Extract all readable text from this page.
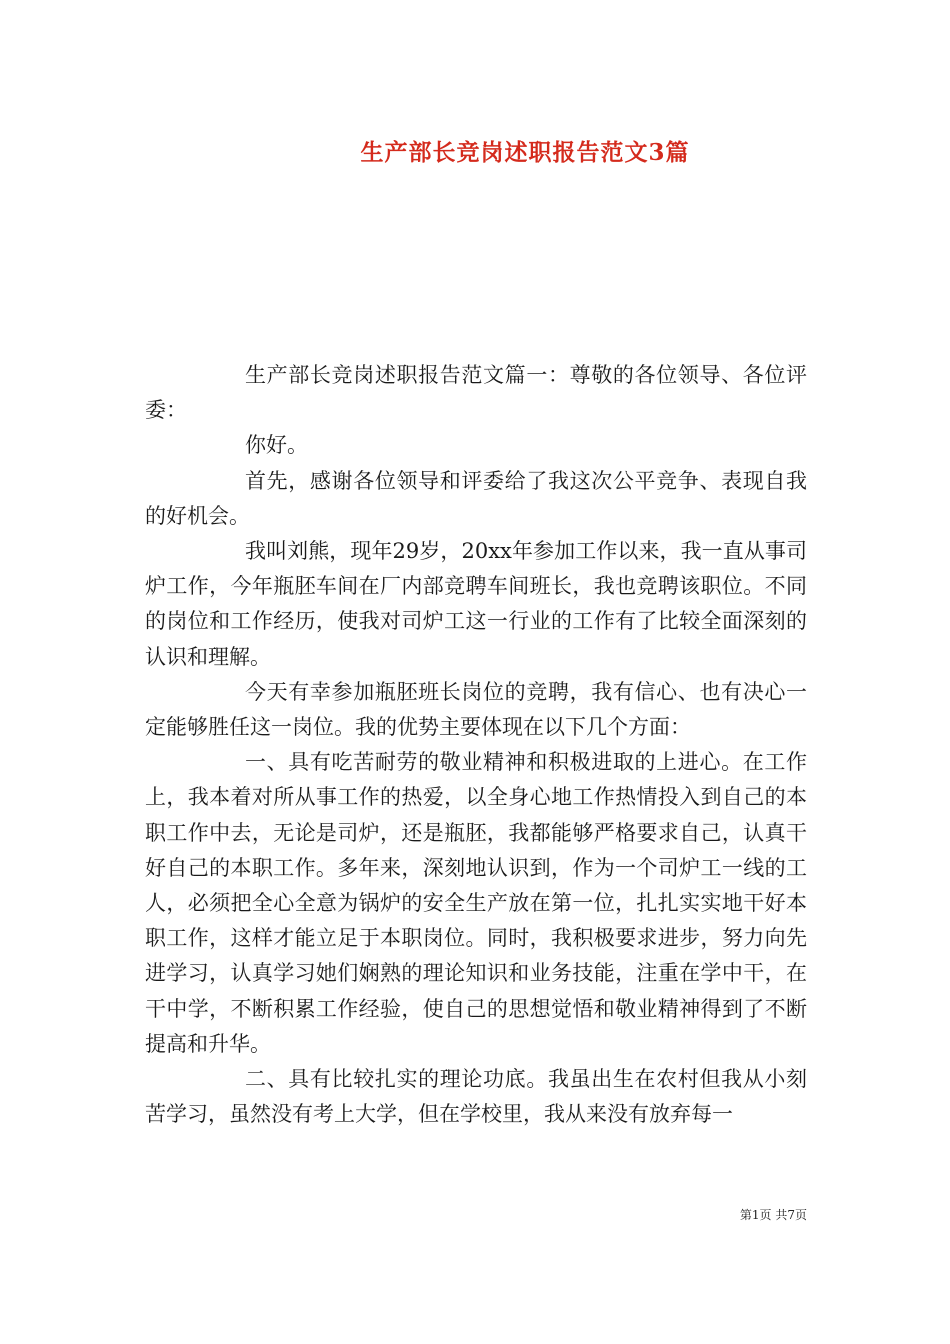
生产部长竞岗述职报告范文3篇

生产部长竞岗述职报告范文篇一：尊敬的各位领导、各位评委：

你好。

首先，感谢各位领导和评委给了我这次公平竞争、表现自我的好机会。

我叫刘熊，现年29岁，20xx年参加工作以来，我一直从事司炉工作，今年瓶胚车间在厂内部竞聘车间班长，我也竞聘该职位。不同的岗位和工作经历，使我对司炉工这一行业的工作有了比较全面深刻的认识和理解。

今天有幸参加瓶胚班长岗位的竞聘，我有信心、也有决心一定能够胜任这一岗位。我的优势主要体现在以下几个方面：

一、具有吃苦耐劳的敬业精神和积极进取的上进心。在工作上，我本着对所从事工作的热爱，以全身心地工作热情投入到自己的本职工作中去，无论是司炉，还是瓶胚，我都能够严格要求自己，认真干好自己的本职工作。多年来，深刻地认识到，作为一个司炉工一线的工人，必须把全心全意为锅炉的安全生产放在第一位，扎扎实实地干好本职工作，这样才能立足于本职岗位。同时，我积极要求进步，努力向先进学习，认真学习她们娴熟的理论知识和业务技能，注重在学中干，在干中学，不断积累工作经验，使自己的思想觉悟和敬业精神得到了不断提高和升华。

二、具有比较扎实的理论功底。我虽出生在农村但我从小刻苦学习，虽然没有考上大学，但在学校里，我从来没有放弃每一

第1页 共7页
